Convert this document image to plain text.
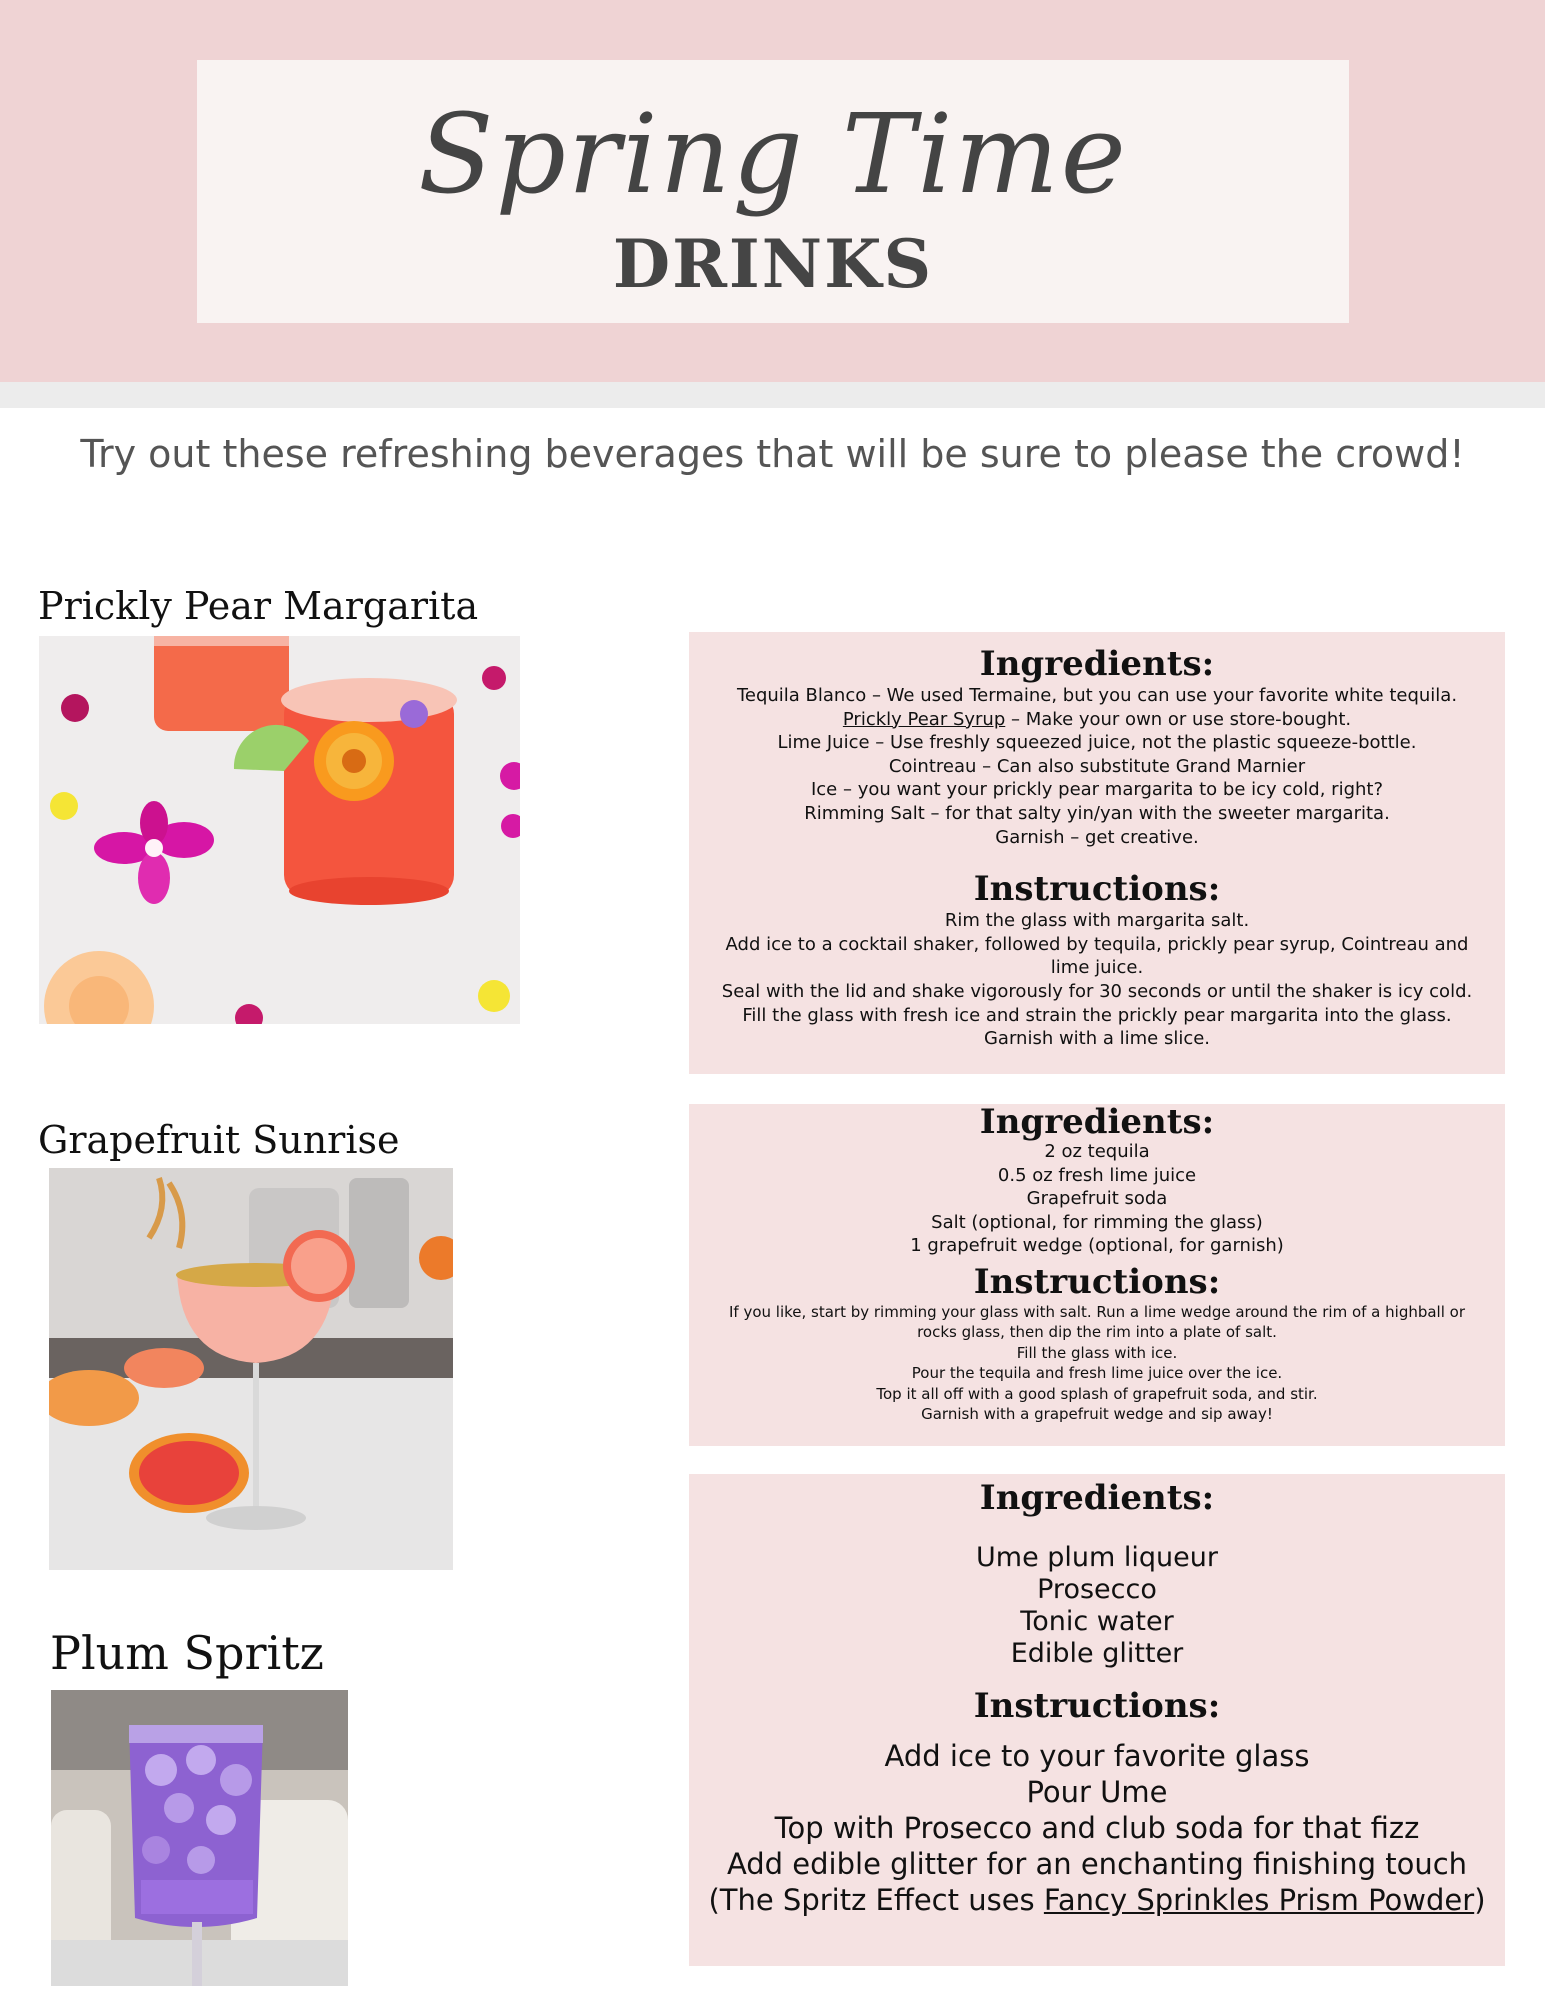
Spring Time
DRINKS
Try out these refreshing beverages that will be sure to please the crowd!
Prickly Pear Margarita
Ingredients:
Tequila Blanco – We used Termaine, but you can use your favorite white tequila.
Prickly Pear Syrup – Make your own or use store-bought.
Lime Juice – Use freshly squeezed juice, not the plastic squeeze-bottle.
Cointreau – Can also substitute Grand Marnier
Ice – you want your prickly pear margarita to be icy cold, right?
Rimming Salt – for that salty yin/yan with the sweeter margarita.
Garnish – get creative.
Instructions:
Rim the glass with margarita salt.
Add ice to a cocktail shaker, followed by tequila, prickly pear syrup, Cointreau and lime juice.
Seal with the lid and shake vigorously for 30 seconds or until the shaker is icy cold.
Fill the glass with fresh ice and strain the prickly pear margarita into the glass.
Garnish with a lime slice.
Grapefruit Sunrise	Ingredients:
2 oz tequila
0.5 oz fresh lime juice
Grapefruit soda
Salt (optional, for rimming the glass)
1 grapefruit wedge (optional, for garnish)
Instructions:
If you like, start by rimming your glass with salt. Run a lime wedge around the rim of a highball or rocks glass, then dip the rim into a plate of salt.
Fill the glass with ice.
Pour the tequila and fresh lime juice over the ice.
Top it all off with a good splash of grapefruit soda, and stir.
Garnish with a grapefruit wedge and sip away!
Plum Spritz
Ingredients:
Ume plum liqueur
Prosecco
Tonic water
Edible glitter
Instructions:
Add ice to your favorite glass
Pour Ume
Top with Prosecco and club soda for that fizz
Add edible glitter for an enchanting finishing touch
(The Spritz Effect uses Fancy Sprinkles Prism Powder)
